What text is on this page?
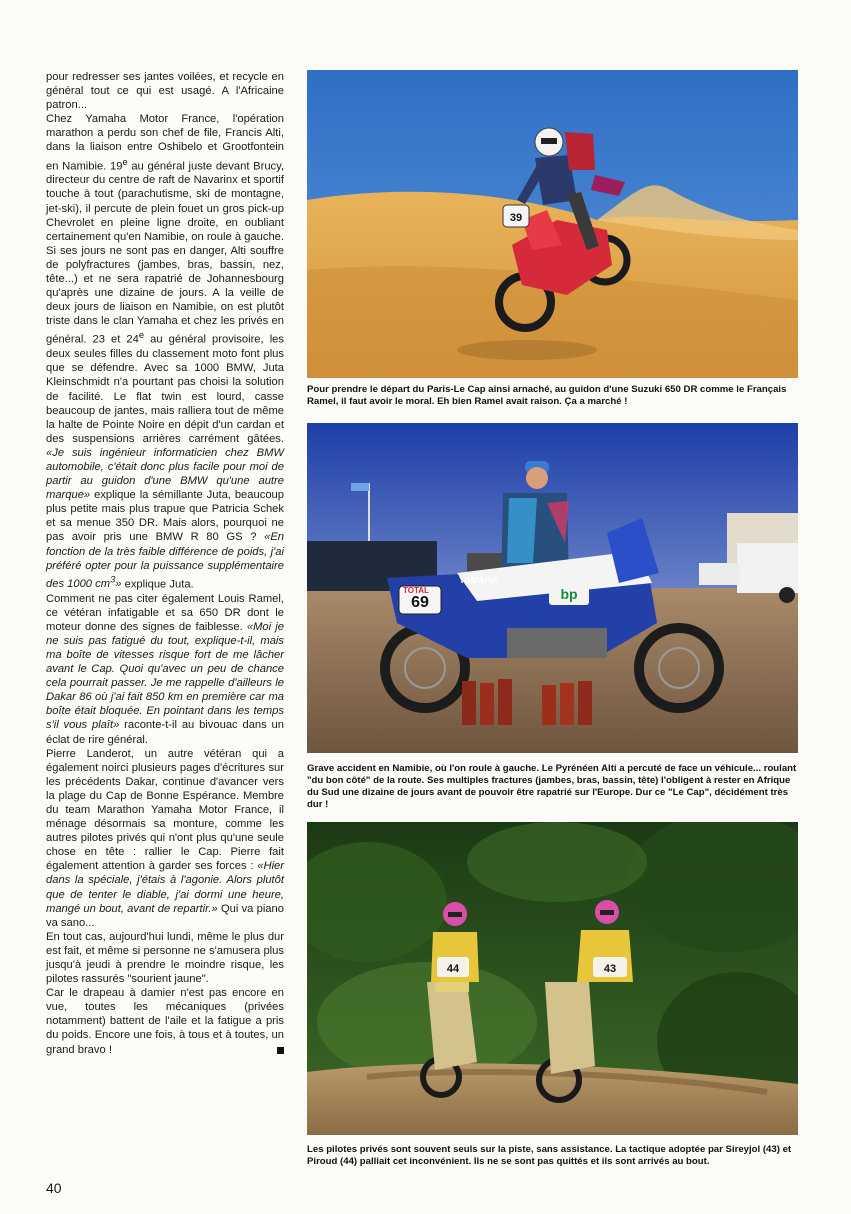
pour redresser ses jantes voilées, et recycle en général tout ce qui est usagé. A l'Africaine patron...

Chez Yamaha Motor France, l'opération marathon a perdu son chef de file, Francis Alti, dans la liaison entre Oshibelo et Grootfontein en Namibie. 19e au général juste devant Brucy, directeur du centre de raft de Navarinx et sportif touche à tout (parachutisme, ski de montagne, jet-ski), il percute de plein fouet un gros pick-up Chevrolet en pleine ligne droite, en oubliant certainement qu'en Namibie, on roule à gauche. Si ses jours ne sont pas en danger, Alti souffre de polyfractures (jambes, bras, bassin, nez, tête...) et ne sera rapatrié de Johannesbourg qu'après une dizaine de jours. A la veille de deux jours de liaison en Namibie, on est plutôt triste dans le clan Yamaha et chez les privés en général. 23 et 24e au général provisoire, les deux seules filles du classement moto font plus que se défendre. Avec sa 1000 BMW, Juta Kleinschmidt n'a pourtant pas choisi la solution de facilité. Le flat twin est lourd, casse beaucoup de jantes, mais ralliera tout de même la halte de Pointe Noire en dépit d'un cardan et des suspensions arrières carrément gâtées. «Je suis ingénieur informaticien chez BMW automobile, c'était donc plus facile pour moi de partir au guidon d'une BMW qu'une autre marque» explique la sémillante Juta, beaucoup plus petite mais plus trapue que Patricia Schek et sa menue 350 DR. Mais alors, pourquoi ne pas avoir pris une BMW R 80 GS ? «En fonction de la très faible différence de poids, j'ai préféré opter pour la puissance supplémentaire des 1000 $cm^3$» explique Juta.

Comment ne pas citer également Louis Ramel, ce vétéran infatigable et sa 650 DR dont le moteur donne des signes de faiblesse. «Moi je ne suis pas fatigué du tout, explique-t-il, mais ma boîte de vitesses risque fort de me lâcher avant le Cap. Quoi qu'avec un peu de chance cela pourrait passer. Je me rappelle d'ailleurs le Dakar 86 où j'ai fait 850 km en première car ma boîte était bloquée. En pointant dans les temps s'il vous plaît» raconte-t-il au bivouac dans un éclat de rire général.

Pierre Landerot, un autre vétéran qui a également noirci plusieurs pages d'écritures sur les précédents Dakar, continue d'avancer vers la plage du Cap de Bonne Espérance. Membre du team Marathon Yamaha Motor France, il ménage désormais sa monture, comme les autres pilotes privés qui n'ont plus qu'une seule chose en tête : rallier le Cap. Pierre fait également attention à garder ses forces : «Hier dans la spéciale, j'étais à l'agonie. Alors plutôt que de tenter le diable, j'ai dormi une heure, mangé un bout, avant de repartir.» Qui va piano va sano...

En tout cas, aujourd'hui lundi, même le plus dur est fait, et même si personne ne s'amusera plus jusqu'à jeudi à prendre le moindre risque, les pilotes rassurés "sourient jaune".

Car le drapeau à damier n'est pas encore en vue, toutes les mécaniques (privées notamment) battent de l'aile et la fatigue a pris du poids. Encore une fois, à tous et à toutes, un grand bravo !

40
39
Pour prendre le départ du Paris-Le Cap ainsi arnaché, au guidon d'une Suzuki 650 DR comme le Français Ramel, il faut avoir le moral. Eh bien Ramel avait raison. Ça a marché !
69
YAMAHA
TOTAL	bp
Grave accident en Namibie, où l'on roule à gauche. Le Pyrénéen Alti a percuté de face un véhicule... roulant "du bon côté" de la route. Ses multiples fractures (jambes, bras, bassin, tête) l'obligent à rester en Afrique du Sud une dizaine de jours avant de pouvoir être rapatrié sur l'Europe. Dur ce "Le Cap", décidément très dur !
44	43
Les pilotes privés sont souvent seuls sur la piste, sans assistance. La tactique adoptée par Sireyjol (43) et Piroud (44) palliait cet inconvénient. Ils ne se sont pas quittés et ils sont arrivés au bout.
